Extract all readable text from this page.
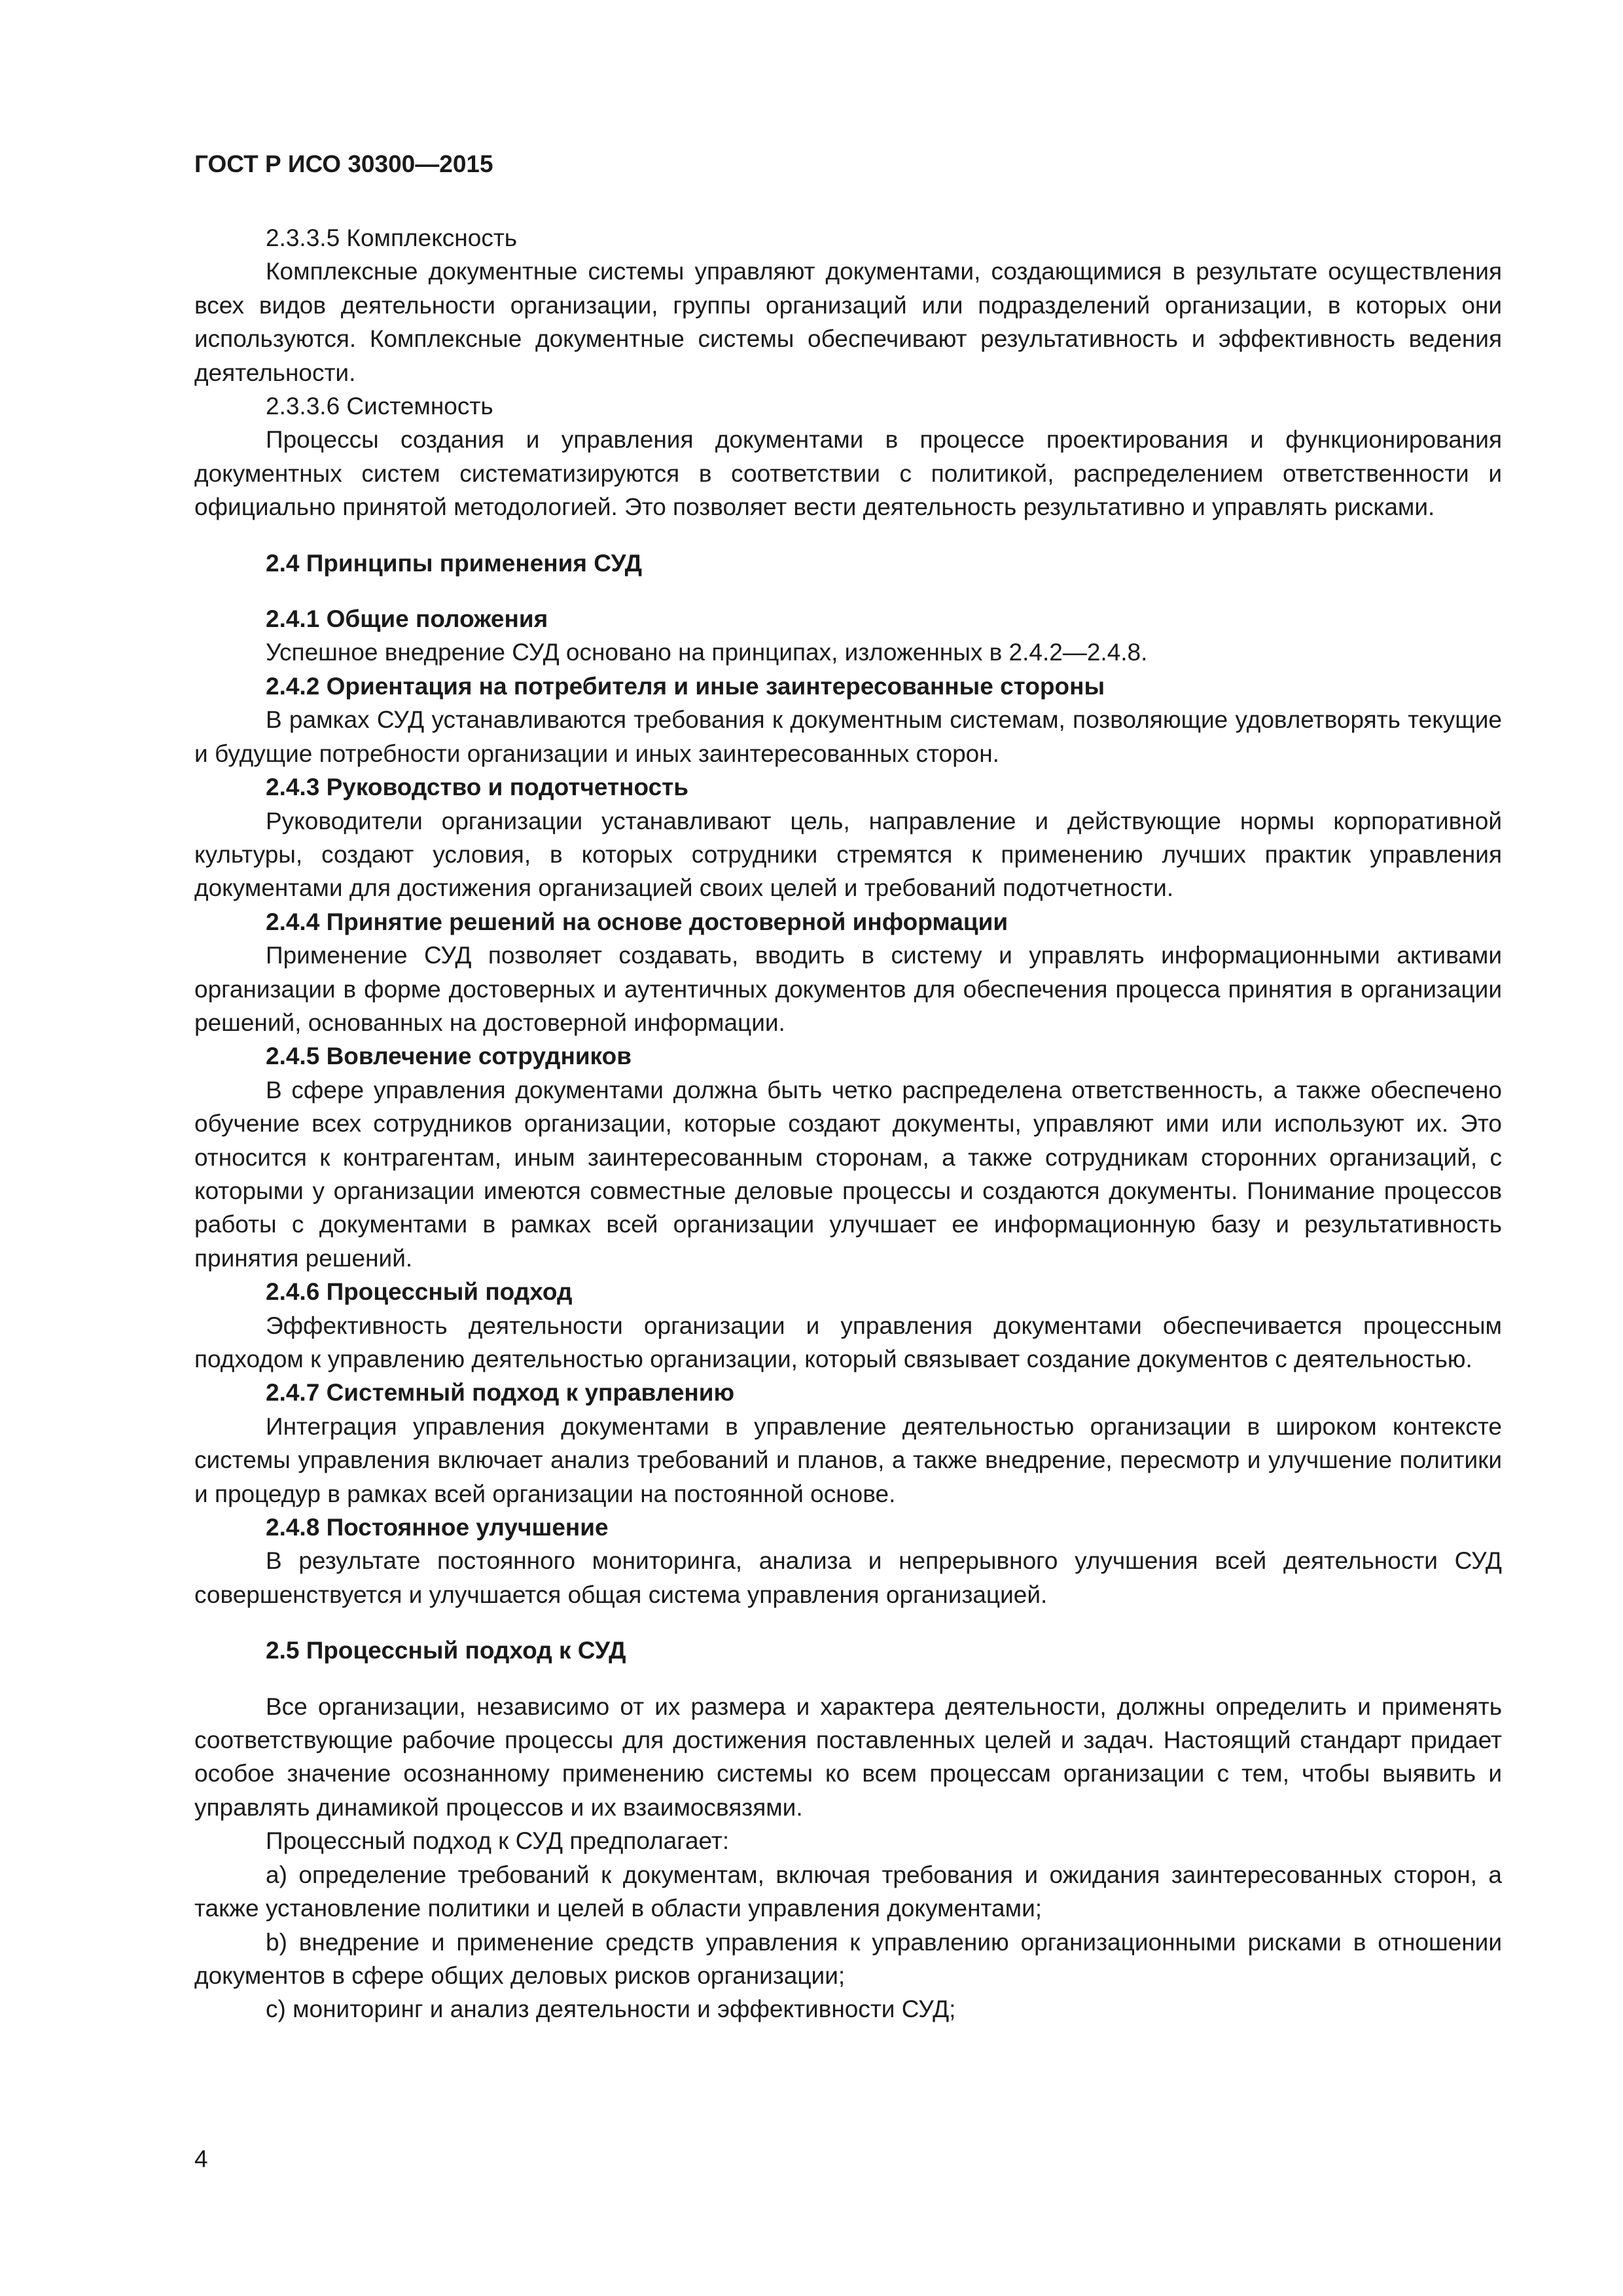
ГОСТ Р ИСО 30300—2015

2.3.3.5 Комплексность

Комплексные документные системы управляют документами, создающимися в результате осуществления всех видов деятельности организации, группы организаций или подразделений организации, в которых они используются. Комплексные документные системы обеспечивают результативность и эффективность ведения деятельности.

2.3.3.6 Системность

Процессы создания и управления документами в процессе проектирования и функционирования документных систем систематизируются в соответствии с политикой, распределением ответственности и официально принятой методологией. Это позволяет вести деятельность результативно и управлять рисками.

2.4 Принципы применения СУД

2.4.1 Общие положения

Успешное внедрение СУД основано на принципах, изложенных в 2.4.2—2.4.8.

2.4.2 Ориентация на потребителя и иные заинтересованные стороны

В рамках СУД устанавливаются требования к документным системам, позволяющие удовлетворять текущие и будущие потребности организации и иных заинтересованных сторон.

2.4.3 Руководство и подотчетность

Руководители организации устанавливают цель, направление и действующие нормы корпоративной культуры, создают условия, в которых сотрудники стремятся к применению лучших практик управления документами для достижения организацией своих целей и требований подотчетности.

2.4.4 Принятие решений на основе достоверной информации

Применение СУД позволяет создавать, вводить в систему и управлять информационными активами организации в форме достоверных и аутентичных документов для обеспечения процесса принятия в организации решений, основанных на достоверной информации.

2.4.5 Вовлечение сотрудников

В сфере управления документами должна быть четко распределена ответственность, а также обеспечено обучение всех сотрудников организации, которые создают документы, управляют ими или используют их. Это относится к контрагентам, иным заинтересованным сторонам, а также сотрудникам сторонних организаций, с которыми у организации имеются совместные деловые процессы и создаются документы. Понимание процессов работы с документами в рамках всей организации улучшает ее информационную базу и результативность принятия решений.

2.4.6 Процессный подход

Эффективность деятельности организации и управления документами обеспечивается процессным подходом к управлению деятельностью организации, который связывает создание документов с деятельностью.

2.4.7 Системный подход к управлению

Интеграция управления документами в управление деятельностью организации в широком контексте системы управления включает анализ требований и планов, а также внедрение, пересмотр и улучшение политики и процедур в рамках всей организации на постоянной основе.

2.4.8 Постоянное улучшение

В результате постоянного мониторинга, анализа и непрерывного улучшения всей деятельности СУД совершенствуется и улучшается общая система управления организацией.

2.5 Процессный подход к СУД

Все организации, независимо от их размера и характера деятельности, должны определить и применять соответствующие рабочие процессы для достижения поставленных целей и задач. Настоящий стандарт придает особое значение осознанному применению системы ко всем процессам организации с тем, чтобы выявить и управлять динамикой процессов и их взаимосвязями.

Процессный подход к СУД предполагает:

a) определение требований к документам, включая требования и ожидания заинтересованных сторон, а также установление политики и целей в области управления документами;

b) внедрение и применение средств управления к управлению организационными рисками в отношении документов в сфере общих деловых рисков организации;

c) мониторинг и анализ деятельности и эффективности СУД;

4
